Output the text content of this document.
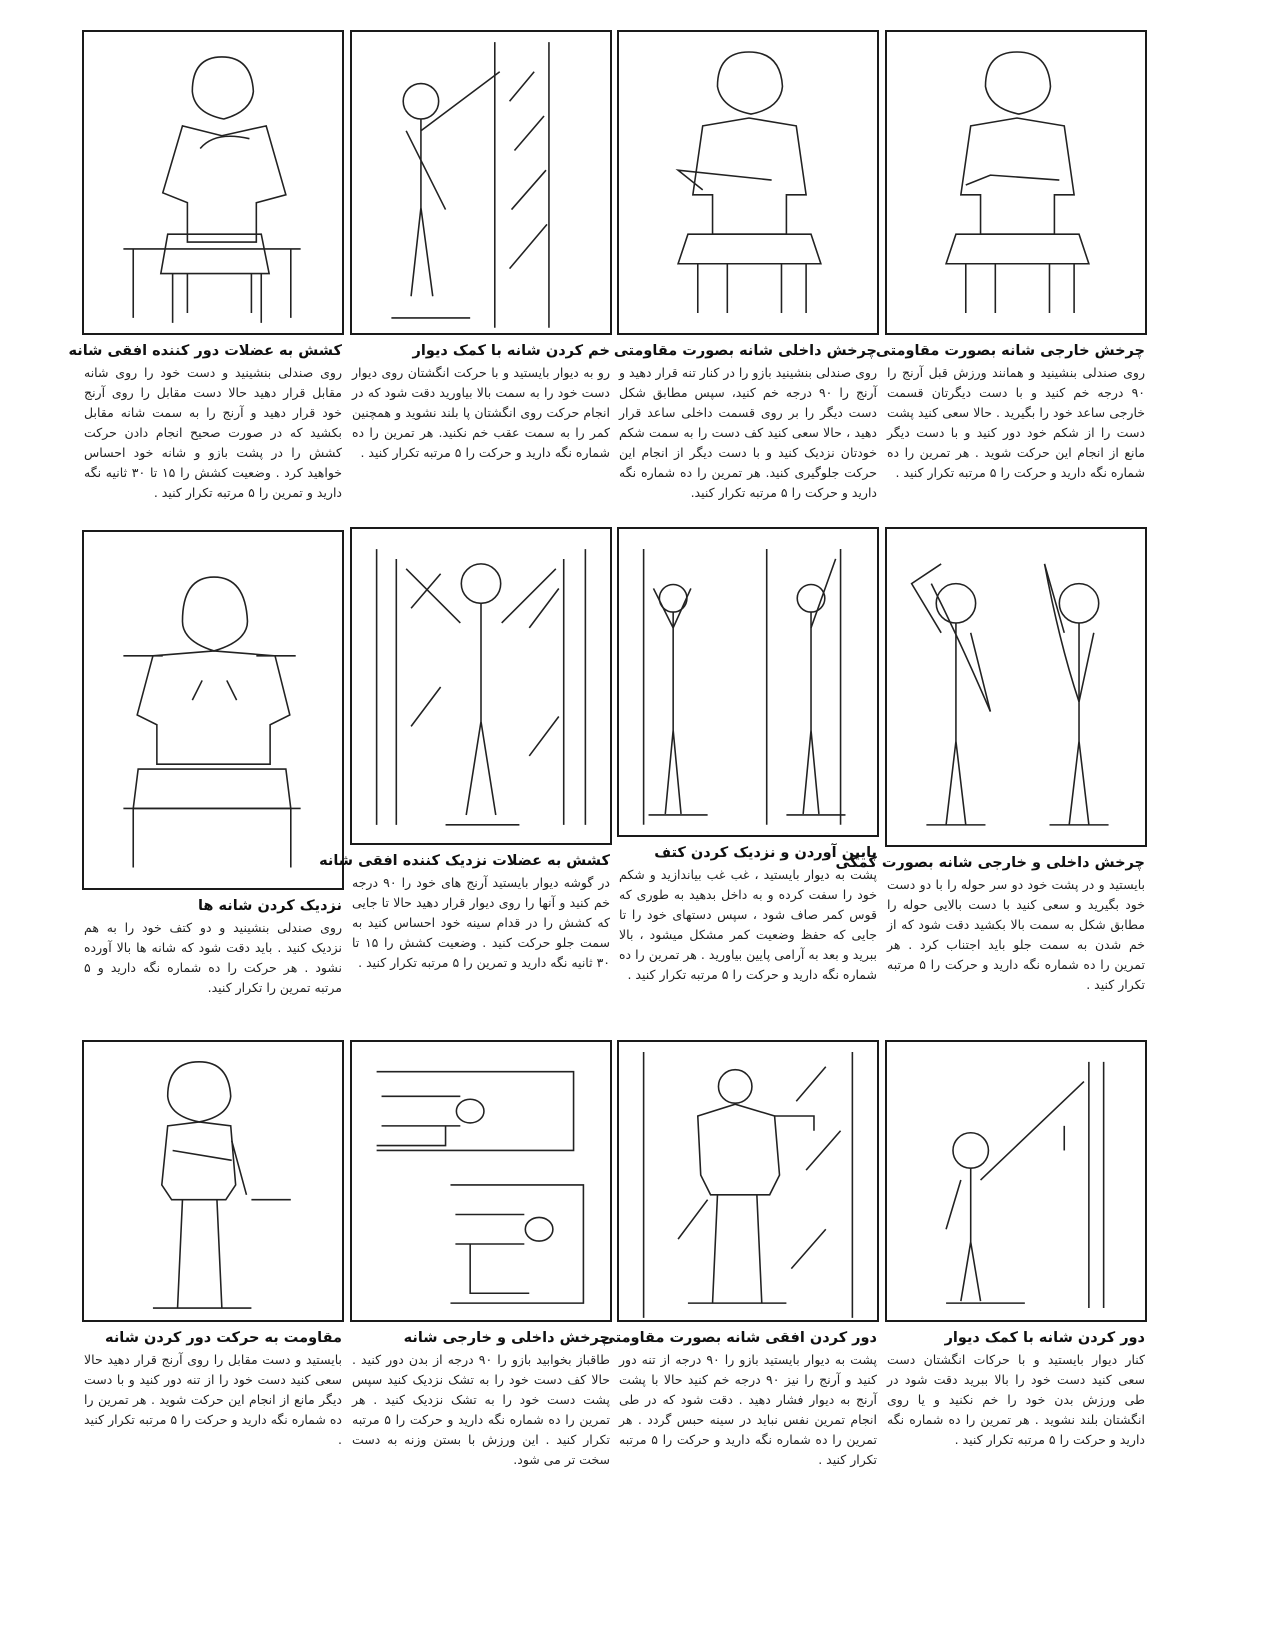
کشش به عضلات دور کننده افقی شانه
روی صندلی بنشینید و دست خود را روی شانه مقابل قرار دهید حالا دست مقابل را روی آرنج خود قرار دهید و آرنج را به سمت شانه مقابل بکشید که در صورت صحیح انجام دادن حرکت کشش را در پشت بازو و شانه خود احساس خواهید کرد . وضعیت کشش را ۱۵ تا ۳۰ ثانیه نگه دارید و تمرین را ۵ مرتبه تکرار کنید .
خم کردن شانه با کمک دیوار
رو به دیوار بایستید و با حرکت انگشتان روی دیوار دست خود را به سمت بالا بیاورید دقت شود که در انجام حرکت روی انگشتان پا بلند نشوید و همچنین کمر را به سمت عقب خم نکنید. هر تمرین را ده شماره نگه دارید و حرکت را ۵ مرتبه تکرار کنید .
چرخش داخلی شانه بصورت مقاومتی
روی صندلی بنشینید بازو را در کنار تنه قرار دهید و آرنج را ۹۰ درجه خم کنید، سپس مطابق شکل دست دیگر را بر روی قسمت داخلی ساعد قرار دهید ، حالا سعی کنید کف دست را به سمت شکم خودتان نزدیک کنید و با دست دیگر از انجام این حرکت جلوگیری کنید. هر تمرین را ده شماره نگه دارید و حرکت را ۵ مرتبه تکرار کنید.
چرخش خارجی شانه بصورت مقاومتی
روی صندلی بنشینید و همانند ورزش قبل آرنج را ۹۰ درجه خم کنید و با دست دیگرتان قسمت خارجی ساعد خود را بگیرید . حالا سعی کنید پشت دست را از شکم خود دور کنید و با دست دیگر مانع از انجام این حرکت شوید . هر تمرین را ده شماره نگه دارید و حرکت را ۵ مرتبه تکرار کنید .
نزدیک کردن شانه ها
روی صندلی بنشینید و دو کتف خود را به هم نزدیک کنید . باید دقت شود که شانه ها بالا آورده نشود . هر حرکت را ده شماره نگه دارید و ۵ مرتبه تمرین را تکرار کنید.
کشش به عضلات نزدیک کننده افقی شانه
در گوشه دیوار بایستید آرنج های خود را ۹۰ درجه خم کنید و آنها را روی دیوار قرار دهید حالا تا جایی که کشش را در قدام سینه خود احساس کنید به سمت جلو حرکت کنید . وضعیت کشش را ۱۵ تا ۳۰ ثانیه نگه دارید و تمرین را ۵ مرتبه تکرار کنید .
پایین آوردن و نزدیک کردن کتف
پشت به دیوار بایستید ، غب غب بیاندازید و شکم خود را سفت کرده و به داخل بدهید به طوری که قوس کمر صاف شود ، سپس دستهای خود را تا جایی که حفظ وضعیت کمر مشکل میشود ، بالا ببرید و بعد به آرامی پایین بیاورید . هر تمرین را ده شماره نگه دارید و حرکت را ۵ مرتبه تکرار کنید .
چرخش داخلی و خارجی شانه بصورت کمکی
بایستید و در پشت خود دو سر حوله را با دو دست خود بگیرید و سعی کنید با دست بالایی حوله را مطابق شکل به سمت بالا بکشید دقت شود که از خم شدن به سمت جلو باید اجتناب کرد . هر تمرین را ده شماره نگه دارید و حرکت را ۵ مرتبه تکرار کنید .
مقاومت به حرکت دور کردن شانه
بایستید و دست مقابل را روی آرنج قرار دهید حالا سعی کنید دست خود را از تنه دور کنید و با دست دیگر مانع از انجام این حرکت شوید . هر تمرین را ده شماره نگه دارید و حرکت را ۵ مرتبه تکرار کنید .
چرخش داخلی و خارجی شانه
طاقباز بخوابید بازو را ۹۰ درجه از بدن دور کنید . حالا کف دست خود را به تشک نزدیک کنید سپس پشت دست خود را به تشک نزدیک کنید . هر تمرین را ده شماره نگه دارید و حرکت را ۵ مرتبه تکرار کنید . این ورزش با بستن وزنه به دست سخت تر می شود.
دور کردن افقی شانه بصورت مقاومتی
پشت به دیوار بایستید بازو را ۹۰ درجه از تنه دور کنید و آرنج را نیز ۹۰ درجه خم کنید حالا با پشت آرنج به دیوار فشار دهید . دقت شود که در طی انجام تمرین نفس نباید در سینه حبس گردد . هر تمرین را ده شماره نگه دارید و حرکت را ۵ مرتبه تکرار کنید .
دور کردن شانه با کمک دیوار
کنار دیوار بایستید و با حرکات انگشتان دست سعی کنید دست خود را بالا ببرید دقت شود در طی ورزش بدن خود را خم نکنید و یا روی انگشتان بلند نشوید . هر تمرین را ده شماره نگه دارید و حرکت را ۵ مرتبه تکرار کنید .
